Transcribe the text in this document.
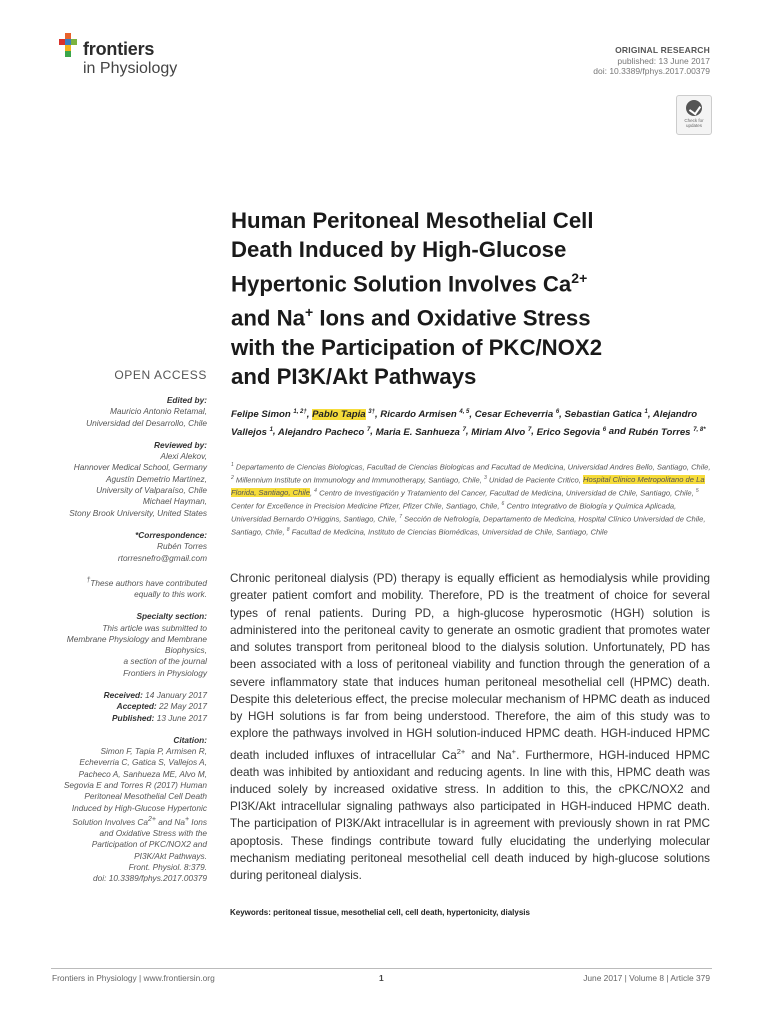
frontiers
in Physiology
ORIGINAL RESEARCH
published: 13 June 2017
doi: 10.3389/fphys.2017.00379
Check for updates
Human Peritoneal Mesothelial Cell
Death Induced by High-Glucose
Hypertonic Solution Involves $Ca^{2+}$
and Na+ Ions and Oxidative Stress
with the Participation of PKC/NOX2
and PI3K/Akt Pathways
OPEN ACCESS
Edited by:
Mauricio Antonio Retamal,
Universidad del Desarrollo, Chile
Reviewed by:
Alexi Alekov,
Hannover Medical School, Germany
Agustín Demetrio Martínez,
University of Valparaíso, Chile
Michael Hayman,
Stony Brook University, United States
*Correspondence:
Rubén Torres
rtorresnefro@gmail.com
†These authors have contributed
equally to this work.
Specialty section:
This article was submitted to
Membrane Physiology and Membrane
Biophysics,
a section of the journal
Frontiers in Physiology
Received: 14 January 2017
Accepted: 22 May 2017
Published: 13 June 2017
Citation:
Simon F, Tapia P, Armisen R,
Echeverria C, Gatica S, Vallejos A,
Pacheco A, Sanhueza ME, Alvo M,
Segovia E and Torres R (2017) Human
Peritoneal Mesothelial Cell Death
Induced by High-Glucose Hypertonic
Solution Involves $Ca^{2+}$ and Na+ Ions
and Oxidative Stress with the
Participation of PKC/NOX2 and
PI3K/Akt Pathways.
Front. Physiol. 8:379.
doi: 10.3389/fphys.2017.00379
Felipe Simon $^{1, 2\dagger}$, Pablo Tapia $^{3\dagger}$, Ricardo Armisen $^{4, 5}$, Cesar Echeverria $^6$, Sebastian Gatica $^1$, Alejandro Vallejos $^1$, Alejandro Pacheco $^7$, Maria E. Sanhueza $^7$, Miriam Alvo $^7$, Erico Segovia $^6$ and Rubén Torres $^{7, 8*}$
$^1$ Departamento de Ciencias Biologicas, Facultad de Ciencias Biologicas and Facultad de Medicina, Universidad Andres Bello, Santiago, Chile, $^2$ Millennium Institute on Immunology and Immunotherapy, Santiago, Chile, $^3$ Unidad de Paciente Critico, Hospital Clinico Metropolitano de La Florida, Santiago, Chile, $^4$ Centro de Investigación y Tratamiento del Cancer, Facultad de Medicina, Universidad de Chile, Santiago, Chile, $^5$ Center for Excellence in Precision Medicine Pfizer, Pfizer Chile, Santiago, Chile, $^6$ Centro Integrativo de Biología y Química Aplicada, Universidad Bernardo O'Higgins, Santiago, Chile, $^7$ Sección de Nefrología, Departamento de Medicina, Hospital Clínico Universidad de Chile, Santiago, Chile, $^8$ Facultad de Medicina, Instituto de Ciencias Biomédicas, Universidad de Chile, Santiago, Chile
Chronic peritoneal dialysis (PD) therapy is equally efficient as hemodialysis while providing greater patient comfort and mobility. Therefore, PD is the treatment of choice for several types of renal patients. During PD, a high-glucose hyperosmotic (HGH) solution is administered into the peritoneal cavity to generate an osmotic gradient that promotes water and solutes transport from peritoneal blood to the dialysis solution. Unfortunately, PD has been associated with a loss of peritoneal viability and function through the generation of a severe inflammatory state that induces human peritoneal mesothelial cell (HPMC) death. Despite this deleterious effect, the precise molecular mechanism of HPMC death as induced by HGH solutions is far from being understood. Therefore, the aim of this study was to explore the pathways involved in HGH solution-induced HPMC death. HGH-induced HPMC death included influxes of intracellular $Ca^{2+}$ and Na+. Furthermore, HGH-induced HPMC death was inhibited by antioxidant and reducing agents. In line with this, HPMC death was induced solely by increased oxidative stress. In addition to this, the cPKC/NOX2 and PI3K/Akt intracellular signaling pathways also participated in HGH-induced HPMC death. The participation of PI3K/Akt intracellular is in agreement with previously shown in rat PMC apoptosis. These findings contribute toward fully elucidating the underlying molecular mechanism mediating peritoneal mesothelial cell death induced by high-glucose solutions during peritoneal dialysis.
Keywords: peritoneal tissue, mesothelial cell, cell death, hypertonicity, dialysis
Frontiers in Physiology | www.frontiersin.org	1	June 2017 | Volume 8 | Article 379
